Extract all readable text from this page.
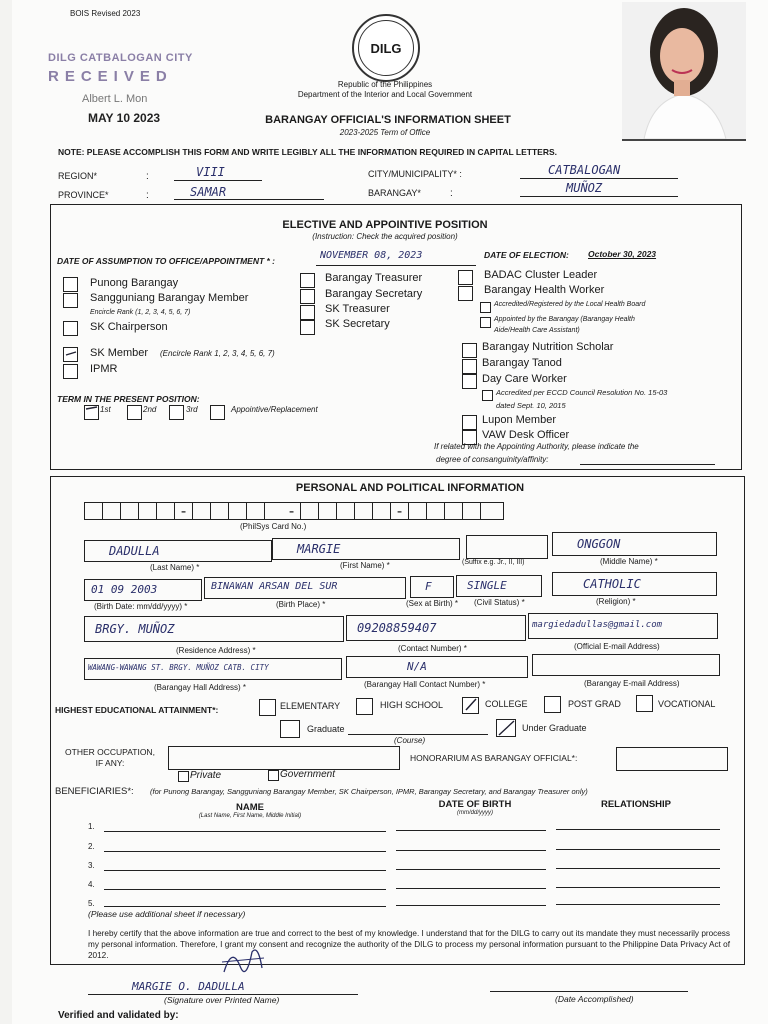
BOIS Revised 2023
DILG CATBALOGAN CITY
RECEIVED
Albert L. Mon
MAY 10 2023
DILG
Republic of the Philippines
Department of the Interior and Local Government
BARANGAY OFFICIAL'S INFORMATION SHEET
2023-2025 Term of Office
NOTE: PLEASE ACCOMPLISH THIS FORM AND WRITE LEGIBLY ALL THE INFORMATION REQUIRED IN CAPITAL LETTERS.
REGION*	:	VIII
PROVINCE*	:	SAMAR
CITY/MUNICIPALITY* :	CATBALOGAN
BARANGAY*	:	MUÑOZ
ELECTIVE AND APPOINTIVE POSITION
(Instruction: Check the acquired position)
DATE OF ASSUMPTION TO OFFICE/APPOINTMENT * :	NOVEMBER 08, 2023	DATE OF ELECTION: October 30, 2023
Punong Barangay
Sangguniang Barangay Member
Encircle Rank (1, 2, 3, 4, 5, 6, 7)
SK Chairperson
SK Member (Encircle Rank 1, 2, 3, 4, 5, 6, 7)
IPMR
Barangay Treasurer
Barangay Secretary
SK Treasurer
SK Secretary
BADAC Cluster Leader
Barangay Health Worker
Accredited/Registered by the Local Health Board
Appointed by the Barangay (Barangay Health
Aide/Health Care Assistant)
Barangay Nutrition Scholar
Barangay Tanod
Day Care Worker
Accredited per ECCD Council Resolution No. 15-03
dated Sept. 10, 2015
Lupon Member
VAW Desk Officer
If related with the Appointing Authority, please indicate the
degree of consanguinity/affinity:
TERM IN THE PRESENT POSITION:
1st	2nd	3rd	Appointive/Replacement
PERSONAL AND POLITICAL INFORMATION
-	-	-
(PhilSys Card No.)
DADULLA
(Last Name) *
MARGIE
(First Name) *	(Suffix e.g. Jr., II, III)
ONGGON
(Middle Name) *
01 09 2003
(Birth Date: mm/dd/yyyy) *
BINAWAN ARSAN DEL SUR
(Birth Place) *
F
(Sex at Birth) *
SINGLE
(Civil Status) *
CATHOLIC
(Religion) *
BRGY. MUÑOZ
(Residence Address) *
09208859407
(Contact Number) *
margiedadullas@gmail.com
(Official E-mail Address)
WAWANG-WAWANG ST. BRGY. MUÑOZ CATB. CITY
(Barangay Hall Address) *
N/A
(Barangay Hall Contact Number) *	(Barangay E-mail Address)
HIGHEST EDUCATIONAL ATTAINMENT*:	ELEMENTARY	HIGH SCHOOL	COLLEGE	POST GRAD	VOCATIONAL
Graduate
(Course)
Under Graduate
OTHER OCCUPATION,
IF ANY:	HONORARIUM AS BARANGAY OFFICIAL*:
Private	Government
BENEFICIARIES*: (for Punong Barangay, Sangguniang Barangay Member, SK Chairperson, IPMR, Barangay Secretary, and Barangay Treasurer only)
NAME
(Last Name, First Name, Middle Initial)
DATE OF BIRTH
(mm/dd/yyyy)
RELATIONSHIP
1.
2.
3.
4.
5.
(Please use additional sheet if necessary)
I hereby certify that the above information are true and correct to the best of my knowledge. I understand that for the DILG to carry out its mandate they must necessarily process my personal information. Therefore, I grant my consent and recognize the authority of the DILG to process my personal information pursuant to the Philippine Data Privacy Act of 2012.
MARGIE O. DADULLA
(Signature over Printed Name)	(Date Accomplished)
Verified and validated by:
